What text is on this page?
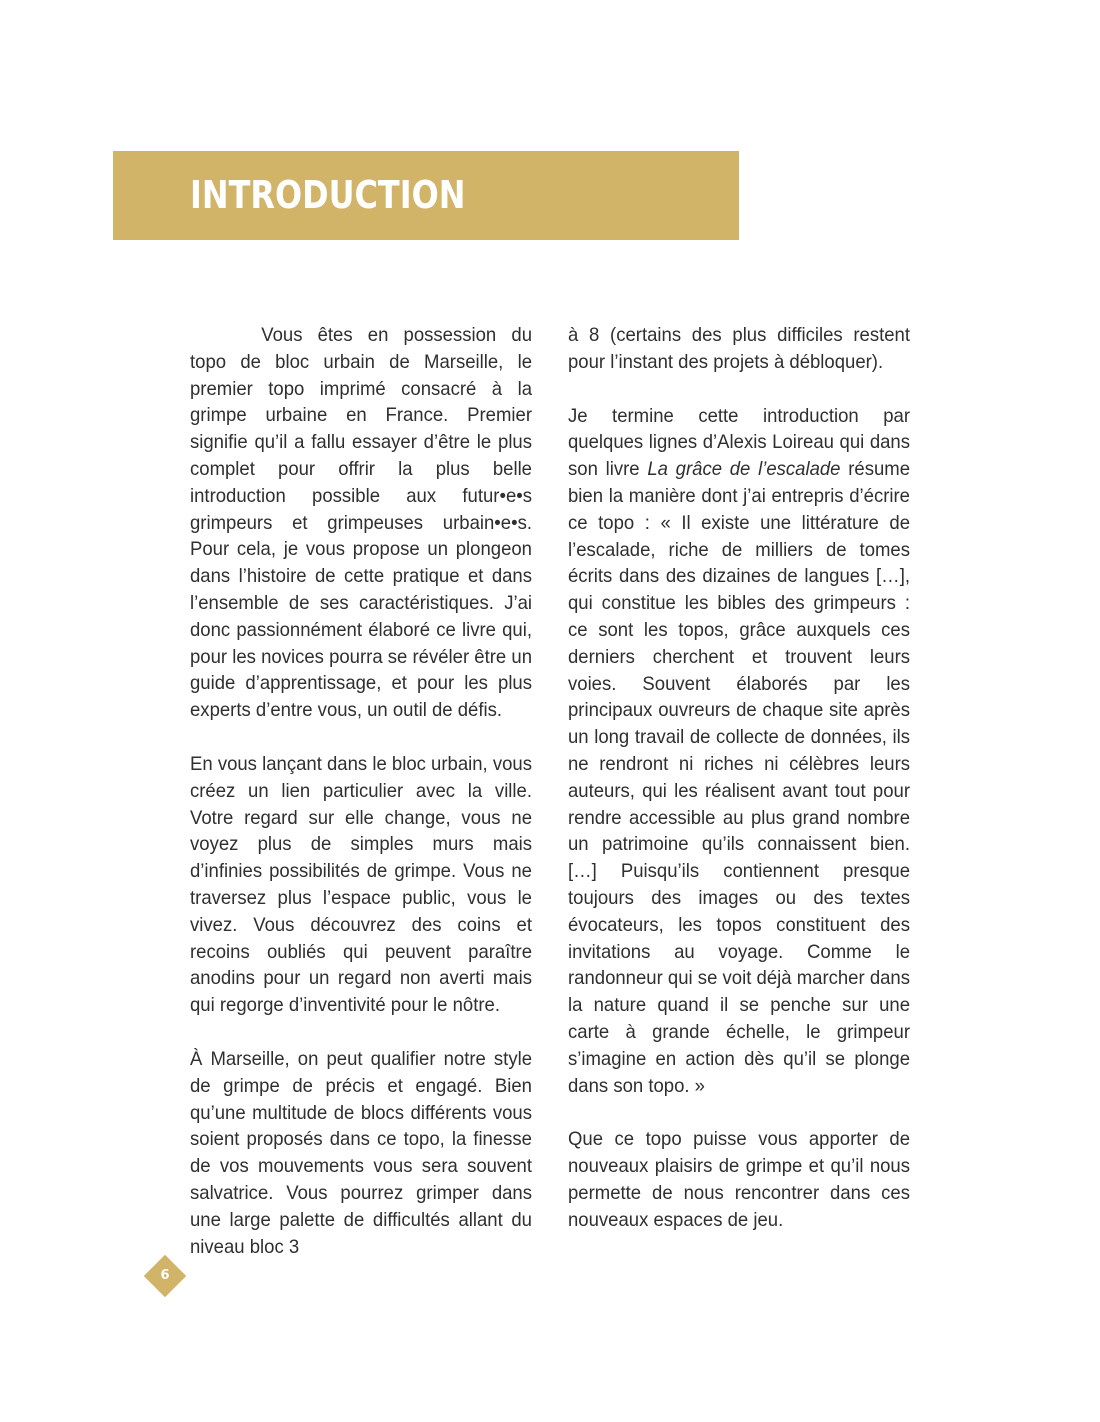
INTRODUCTION

Vous êtes en possession du topo de bloc urbain de Marseille, le premier topo imprimé consacré à la grimpe urbaine en France. Premier signifie qu’il a fallu essayer d’être le plus complet pour offrir la plus belle introduction possible aux futur•e•s grimpeurs et grimpeuses urbain•e•s. Pour cela, je vous propose un plongeon dans l’histoire de cette pratique et dans l’ensemble de ses caractéristiques. J’ai donc passionnément élaboré ce livre qui, pour les novices pourra se révéler être un guide d’apprentissage, et pour les plus experts d’entre vous, un outil de défis.

En vous lançant dans le bloc urbain, vous créez un lien particulier avec la ville. Votre regard sur elle change, vous ne voyez plus de simples murs mais d’infinies possibilités de grimpe. Vous ne traversez plus l’espace public, vous le vivez. Vous découvrez des coins et recoins oubliés qui peuvent paraître anodins pour un regard non averti mais qui regorge d’inventivité pour le nôtre.

À Marseille, on peut qualifier notre style de grimpe de précis et engagé. Bien qu’une multitude de blocs différents vous soient proposés dans ce topo, la finesse de vos mouvements vous sera souvent salvatrice. Vous pourrez grimper dans une large palette de difficultés allant du niveau bloc 3

à 8 (certains des plus difficiles restent pour l’instant des projets à débloquer).

Je termine cette introduction par quelques lignes d’Alexis Loireau qui dans son livre La grâce de l’escalade résume bien la manière dont j’ai entrepris d’écrire ce topo : « Il existe une littérature de l’escalade, riche de milliers de tomes écrits dans des dizaines de langues […], qui constitue les bibles des grimpeurs : ce sont les topos, grâce auxquels ces derniers cherchent et trouvent leurs voies. Souvent élaborés par les principaux ouvreurs de chaque site après un long travail de collecte de données, ils ne rendront ni riches ni célèbres leurs auteurs, qui les réalisent avant tout pour rendre accessible au plus grand nombre un patrimoine qu’ils connaissent bien. […] Puisqu’ils contiennent presque toujours des images ou des textes évocateurs, les topos constituent des invitations au voyage. Comme le randonneur qui se voit déjà marcher dans la nature quand il se penche sur une carte à grande échelle, le grimpeur s’imagine en action dès qu’il se plonge dans son topo. »

Que ce topo puisse vous apporter de nouveaux plaisirs de grimpe et qu’il nous permette de nous rencontrer dans ces nouveaux espaces de jeu.

6
